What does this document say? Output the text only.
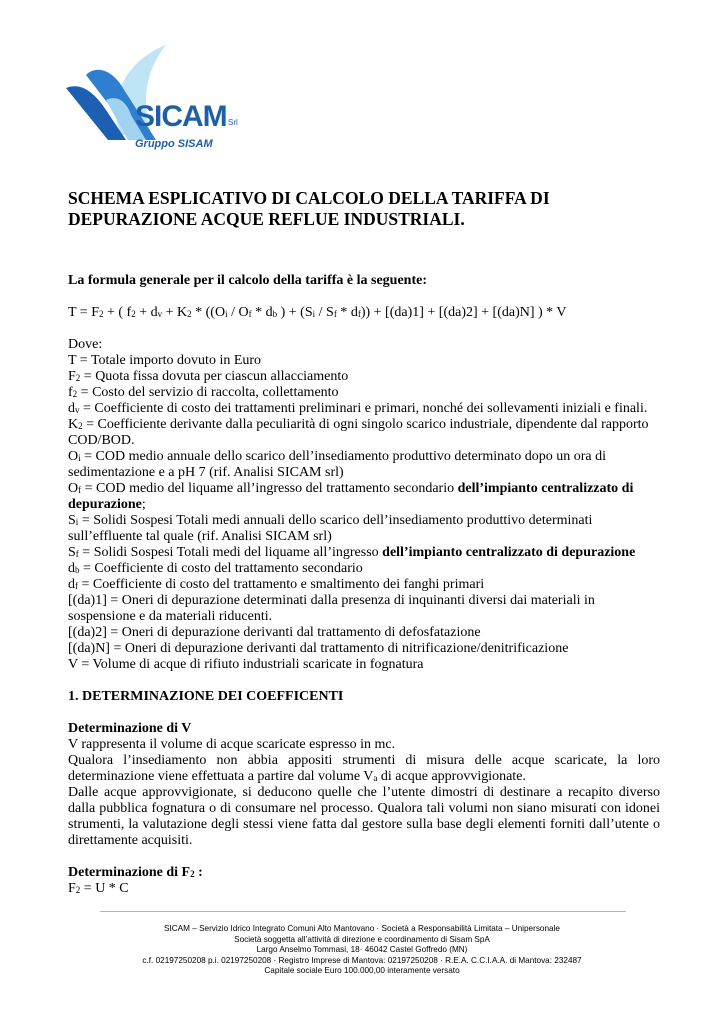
SICAM Srl
Gruppo SISAM
SCHEMA ESPLICATIVO DI CALCOLO DELLA TARIFFA DI
DEPURAZIONE ACQUE REFLUE INDUSTRIALI.

La formula generale per il calcolo della tariffa è la seguente:

$T = F_2$ + ( $f_2 + d_v + K_2 * ((O_i / O_f * d_b$ ) + $(S_i / S_f * d_f)) + [(da)1] + [(da)2] + [(da)N]$ ) * V

Dove:

T = Totale importo dovuto in Euro

$F_2$ = Quota fissa dovuta per ciascun allacciamento

$f_2$ = Costo del servizio di raccolta, collettamento

$d_v$ = Coefficiente di costo dei trattamenti preliminari e primari, nonché dei sollevamenti iniziali e finali.

$K_2$ = Coefficiente derivante dalla peculiarità di ogni singolo scarico industriale, dipendente dal rapporto COD/BOD.

$O_i$ = COD medio annuale dello scarico dell’insediamento produttivo determinato dopo un ora di sedimentazione e a pH 7 (rif. Analisi SICAM srl)

$O_f$ = COD medio del liquame all’ingresso del trattamento secondario dell’impianto centralizzato di depurazione;

$S_i$ = Solidi Sospesi Totali medi annuali dello scarico dell’insediamento produttivo determinati sull’effluente tal quale (rif. Analisi SICAM srl)

$S_f$ = Solidi Sospesi Totali medi del liquame all’ingresso dell’impianto centralizzato di depurazione

$d_b$ = Coefficiente di costo del trattamento secondario

$d_f$ = Coefficiente di costo del trattamento e smaltimento dei fanghi primari

[(da)1] = Oneri di depurazione determinati dalla presenza di inquinanti diversi dai materiali in sospensione e da materiali riducenti.

[(da)2] = Oneri di depurazione derivanti dal trattamento di defosfatazione

[(da)N] = Oneri di depurazione derivanti dal trattamento di nitrificazione/denitrificazione

V = Volume di acque di rifiuto industriali scaricate in fognatura

1. DETERMINAZIONE DEI COEFFICENTI

Determinazione di V

V rappresenta il volume di acque scaricate espresso in mc.

Qualora l’insediamento non abbia appositi strumenti di misura delle acque scaricate, la loro determinazione viene effettuata a partire dal volume $V_a$ di acque approvvigionate.

Dalle acque approvvigionate, si deducono quelle che l’utente dimostri di destinare a recapito diverso dalla pubblica fognatura o di consumare nel processo. Qualora tali volumi non siano misurati con idonei strumenti, la valutazione degli stessi viene fatta dal gestore sulla base degli elementi forniti dall’utente o direttamente acquisiti.

Determinazione di $F_2$ :

$F_2 = U * C$

SICAM – Servizio Idrico Integrato Comuni Alto Mantovano · Società a Responsabilità Limitata – Unipersonale
Società soggetta all’attività di direzione e coordinamento di Sisam SpA
Largo Anselmo Tommasi, 18· 46042 Castel Goffredo (MN)
c.f. 02197250208 p.i. 02197250208 · Registro Imprese di Mantova: 02197250208 · R.E.A. C.C.I.A.A. di Mantova: 232487
Capitale sociale Euro 100.000,00 interamente versato
